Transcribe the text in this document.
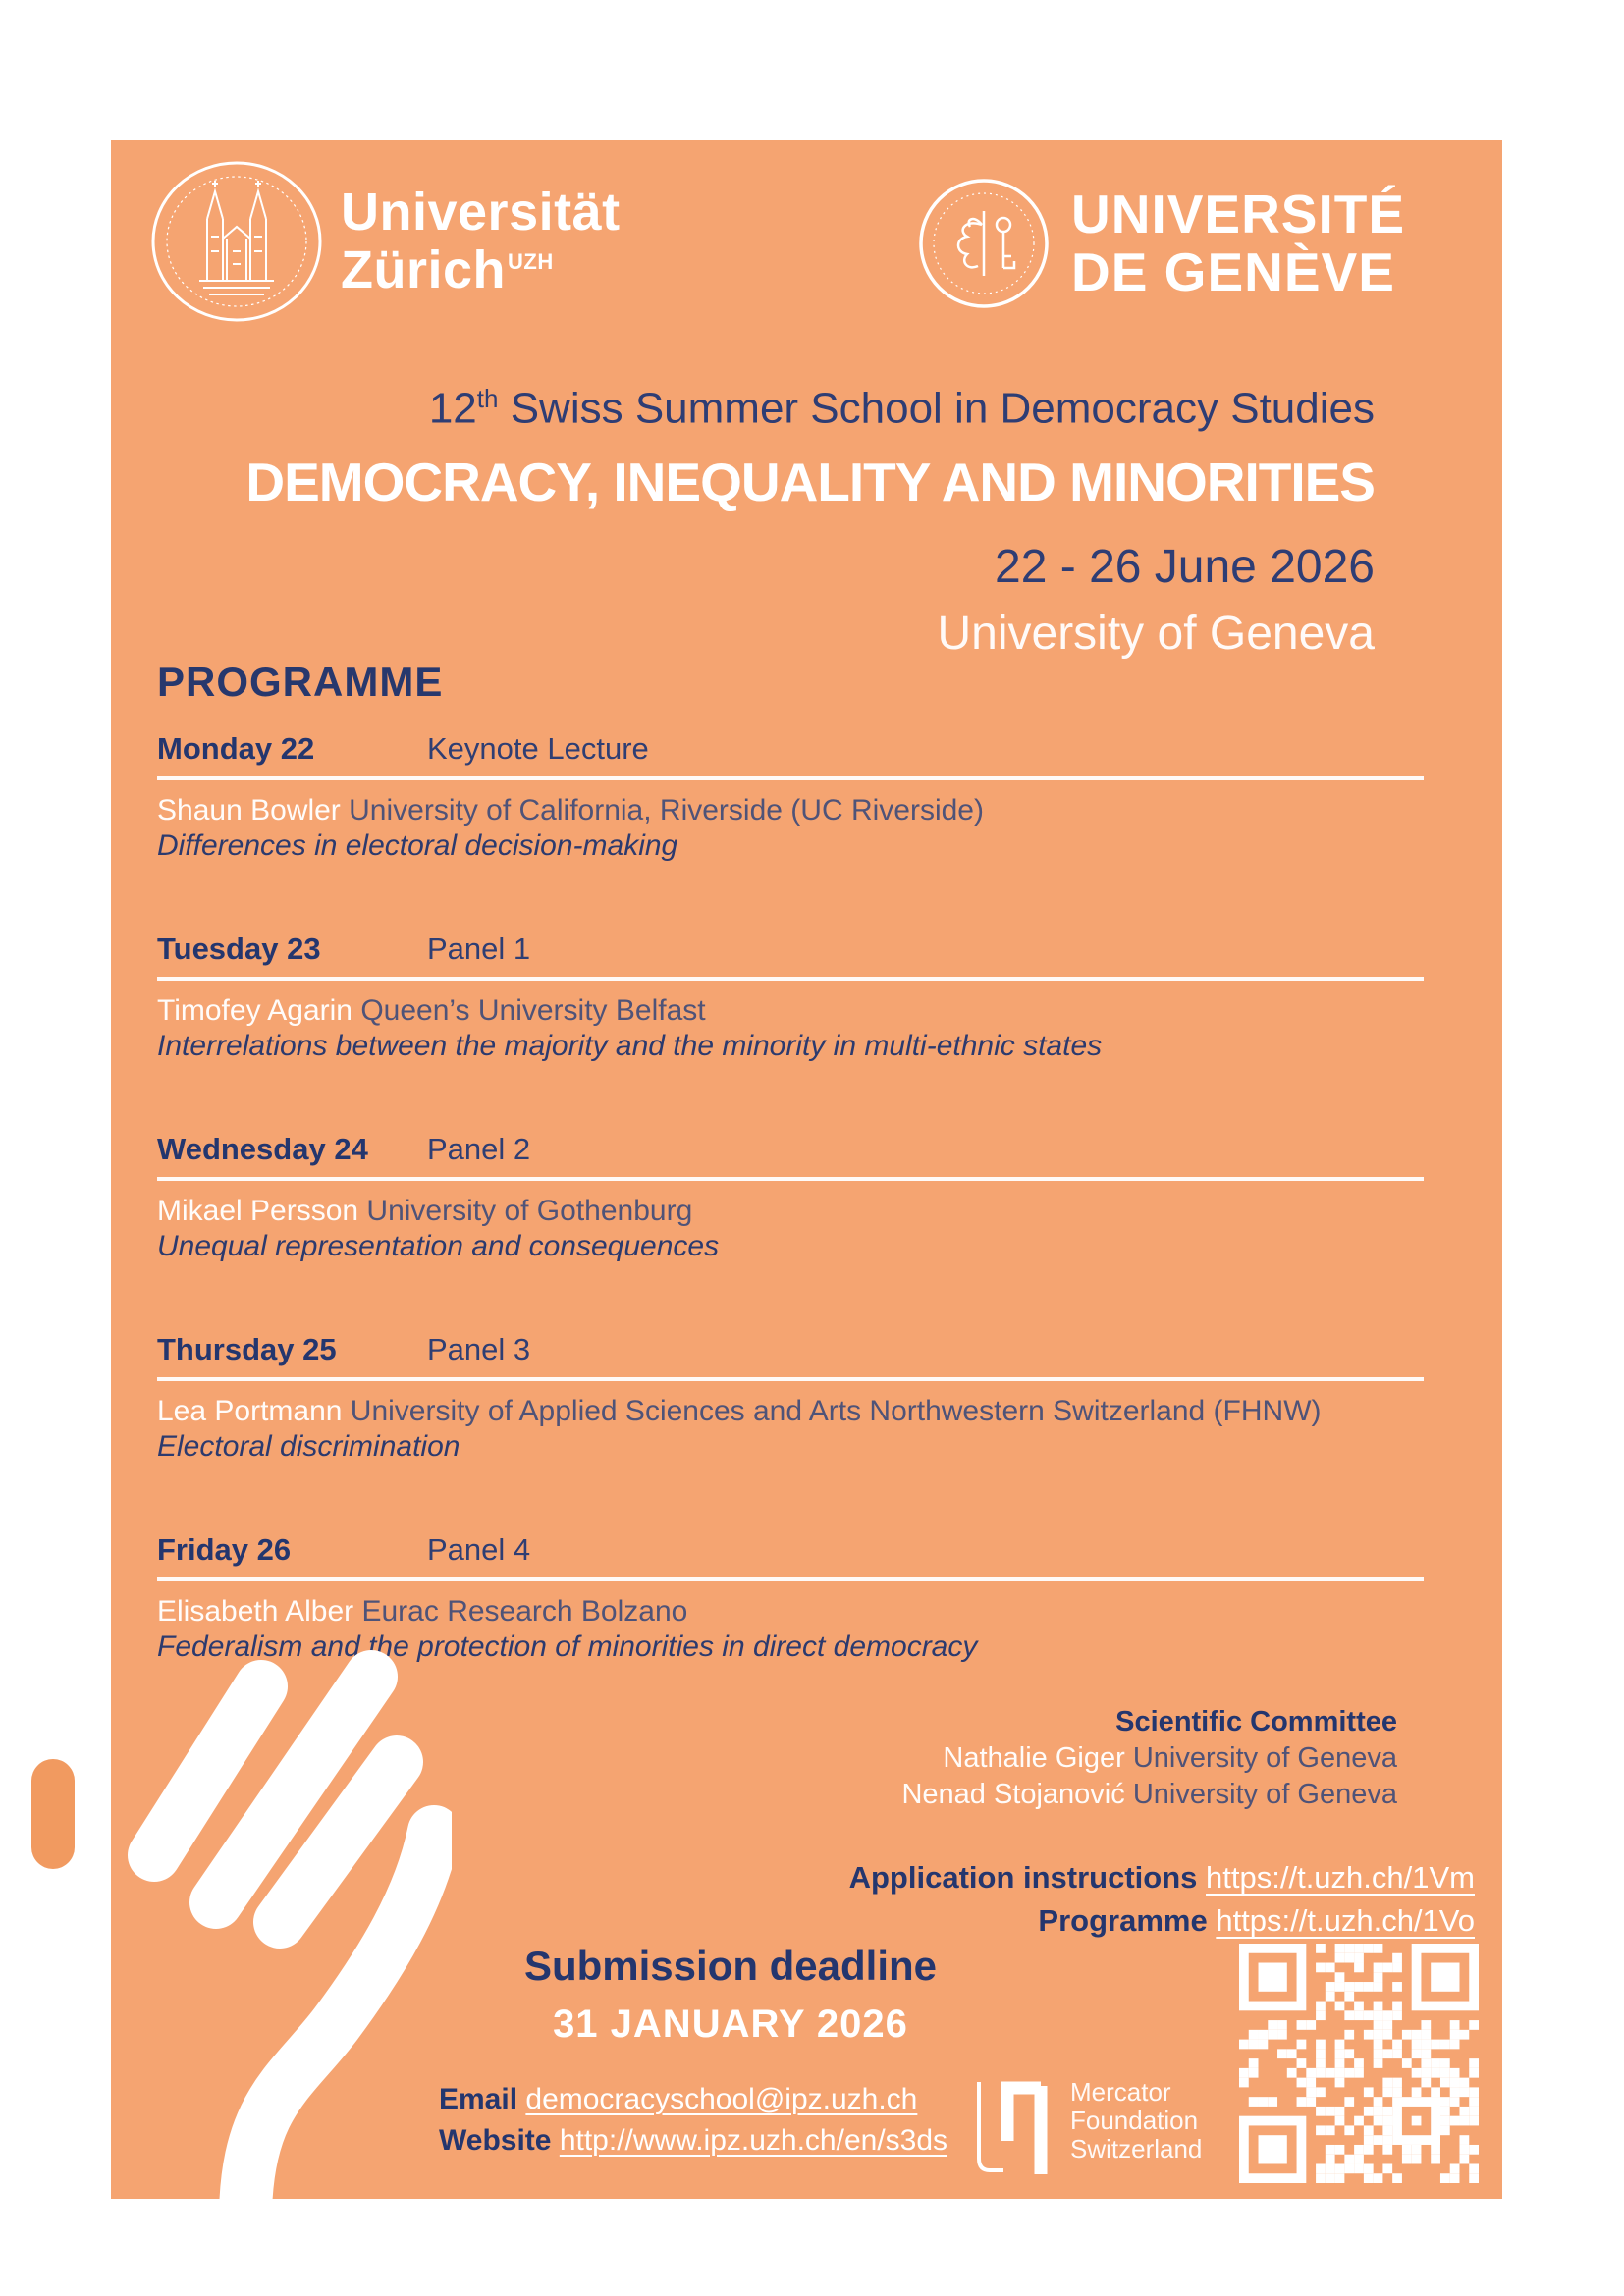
Universität
Zürich$^{UZH}$
UNIVERSITÉ
DE GENÈVE
12th Swiss Summer School in Democracy Studies
DEMOCRACY, INEQUALITY AND MINORITIES
22 - 26 June 2026
University of Geneva
PROGRAMME
Monday 22	Keynote Lecture
Shaun Bowler University of California, Riverside (UC Riverside)
Differences in electoral decision-making
Tuesday 23	Panel 1
Timofey Agarin Queen’s University Belfast
Interrelations between the majority and the minority in multi-ethnic states
Wednesday 24	Panel 2
Mikael Persson University of Gothenburg
Unequal representation and consequences
Thursday 25	Panel 3
Lea Portmann University of Applied Sciences and Arts Northwestern Switzerland (FHNW)
Electoral discrimination
Friday 26	Panel 4
Elisabeth Alber Eurac Research Bolzano
Federalism and the protection of minorities in direct democracy
Scientific Committee
Nathalie Giger University of Geneva
Nenad Stojanović University of Geneva
Application instructions https://t.uzh.ch/1Vm
Programme https://t.uzh.ch/1Vo
Submission deadline
31 JANUARY 2026
Email democracyschool@ipz.uzh.ch
Website http://www.ipz.uzh.ch/en/s3ds
Mercator
Foundation
Switzerland
